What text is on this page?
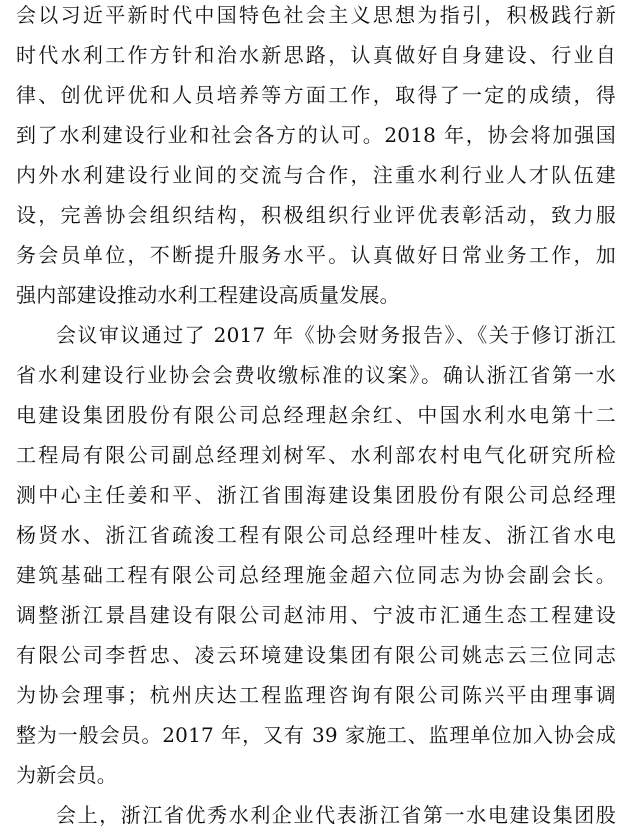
会以习近平新时代中国特色社会主义思想为指引，积极践行新
时代水利工作方针和治水新思路，认真做好自身建设、行业自
律、创优评优和人员培养等方面工作，取得了一定的成绩，得
到了水利建设行业和社会各方的认可。2018 年，协会将加强国
内外水利建设行业间的交流与合作，注重水利行业人才队伍建
设，完善协会组织结构，积极组织行业评优表彰活动，致力服
务会员单位，不断提升服务水平。认真做好日常业务工作，加
强内部建设推动水利工程建设高质量发展。
会议审议通过了 2017 年《协会财务报告》、《关于修订浙江
省水利建设行业协会会费收缴标准的议案》。确认浙江省第一水
电建设集团股份有限公司总经理赵余红、中国水利水电第十二
工程局有限公司副总经理刘树军、水利部农村电气化研究所检
测中心主任姜和平、浙江省围海建设集团股份有限公司总经理
杨贤水、浙江省疏浚工程有限公司总经理叶桂友、浙江省水电
建筑基础工程有限公司总经理施金超六位同志为协会副会长。
调整浙江景昌建设有限公司赵沛用、宁波市汇通生态工程建设
有限公司李哲忠、凌云环境建设集团有限公司姚志云三位同志
为协会理事；杭州庆达工程监理咨询有限公司陈兴平由理事调
整为一般会员。2017 年，又有 39 家施工、监理单位加入协会成
为新会员。
会上，浙江省优秀水利企业代表浙江省第一水电建设集团股
